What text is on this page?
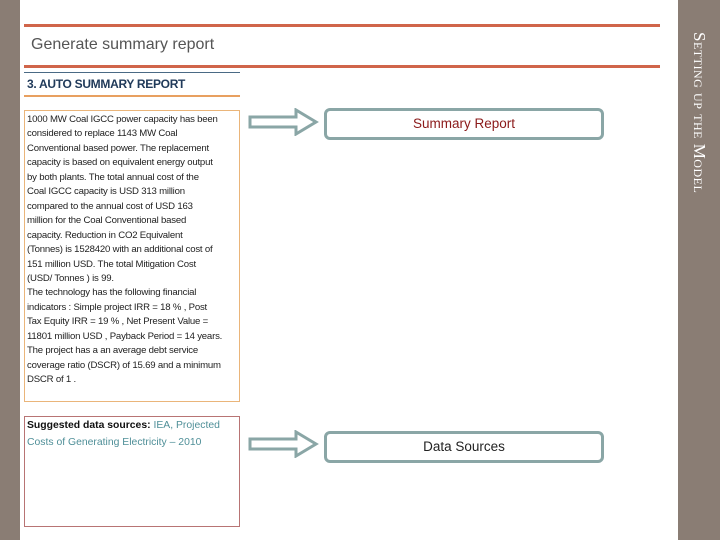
Setting up the Model
Generate summary report
3. AUTO SUMMARY REPORT
1000 MW Coal IGCC power capacity has been
considered to replace 1143 MW Coal
Conventional based power. The replacement
capacity is based on equivalent energy output
by both plants. The total annual cost of the
Coal IGCC capacity is USD 313 million
compared to the annual cost of USD 163
million for the Coal Conventional based
capacity. Reduction in CO2 Equivalent
(Tonnes) is 1528420 with an additional cost of
151 million USD. The total Mitigation Cost
(USD/ Tonnes ) is 99.
The technology has the following financial
indicators : Simple project IRR = 18 % , Post
Tax Equity IRR = 19 % , Net Present Value =
11801 million USD , Payback Period = 14 years.
The project has a an average debt service
coverage ratio (DSCR) of 15.69 and a minimum
DSCR of 1 .
Suggested data sources: IEA, Projected
Costs of Generating Electricity – 2010
Summary Report
Data Sources
